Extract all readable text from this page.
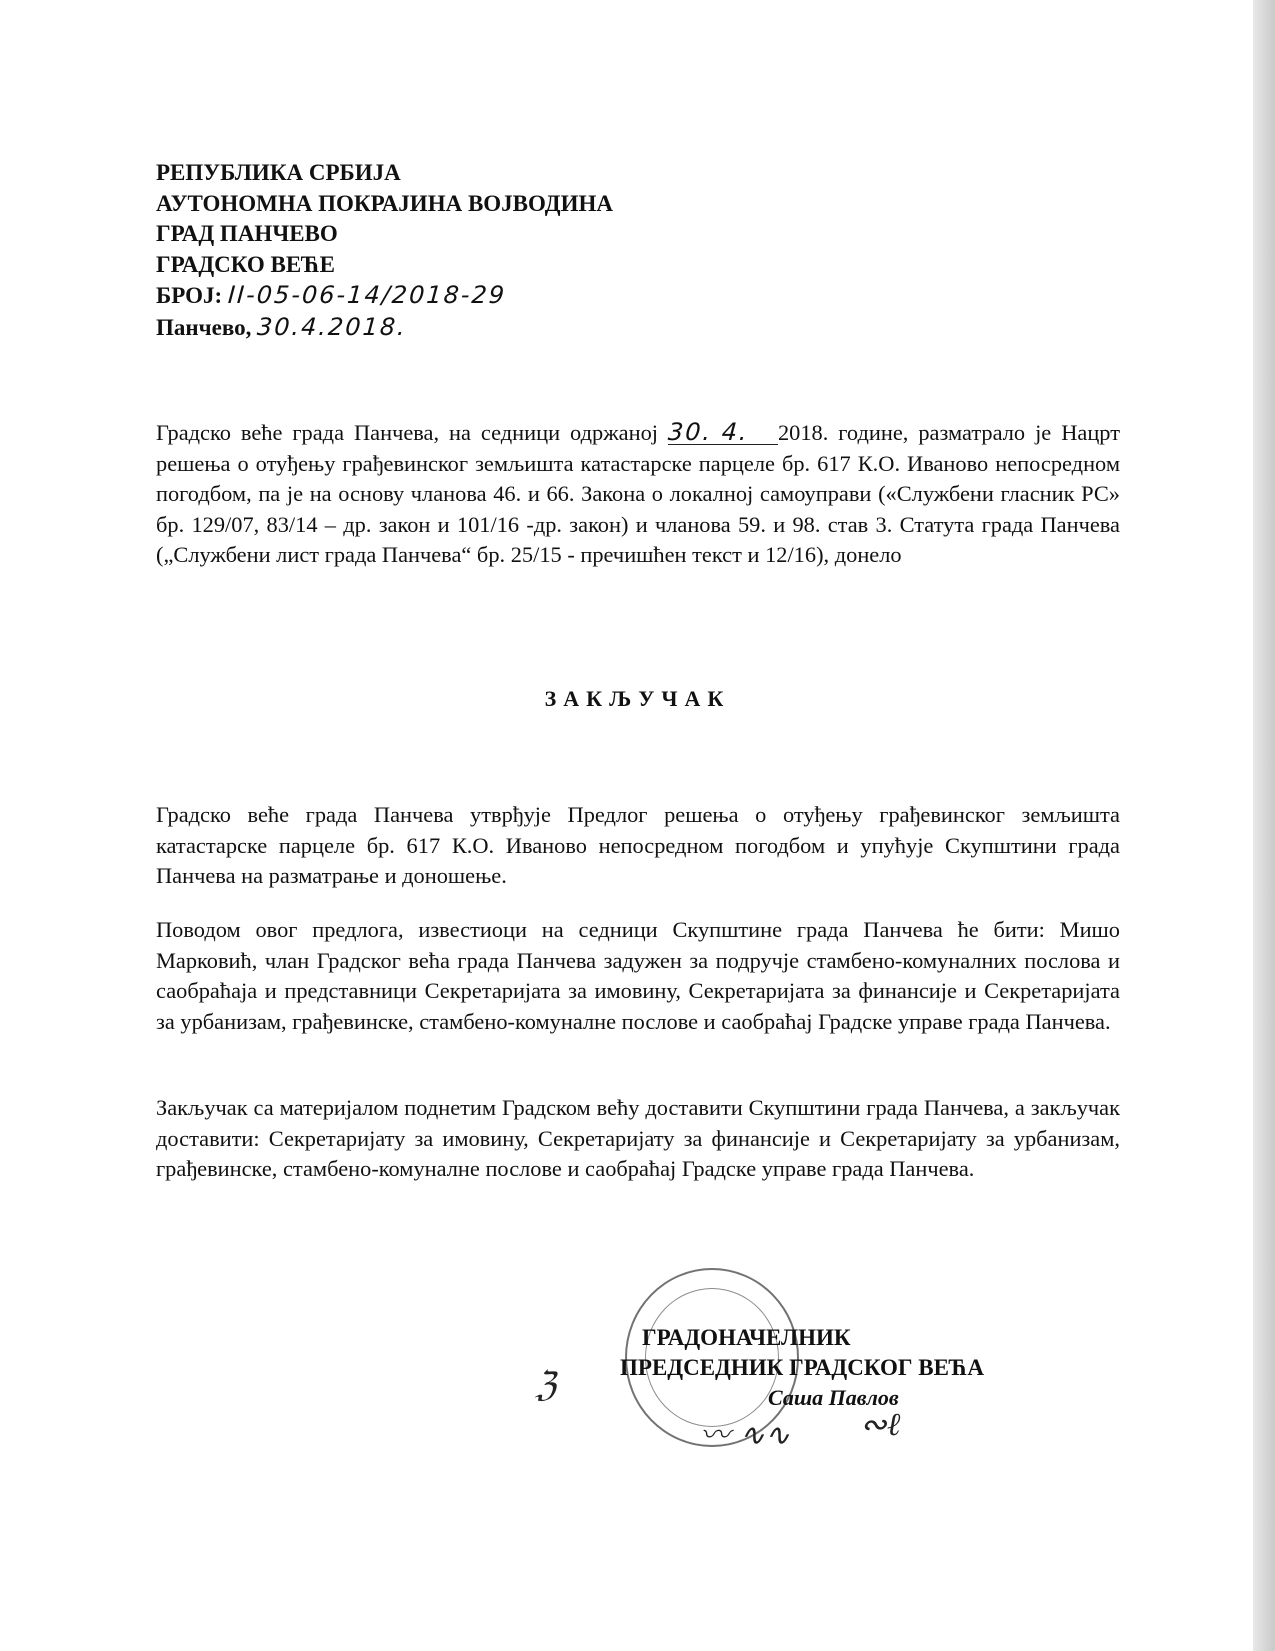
РЕПУБЛИКА СРБИЈА
АУТОНОМНА ПОКРАЈИНА ВОЈВОДИНА
ГРАД ПАНЧЕВО
ГРАДСКО ВЕЋЕ
БРОЈ: II-05-06-14/2018-29
Панчево, 30.4.2018.
Градско веће града Панчева, на седници одржаној 30. 4. 2018. године, разматрало је Нацрт решења о отуђењу грађевинског земљишта катастарске парцеле бр. 617 К.О. Иваново непосредном погодбом, па је на основу чланова 46. и 66. Закона о локалној самоуправи («Службени гласник РС» бр. 129/07, 83/14 – др. закон и 101/16 -др. закон) и чланова 59. и 98. став 3. Статута града Панчева („Службени лист града Панчева“ бр. 25/15 - пречишћен текст и 12/16), донело
ЗАКЉУЧАК
Градско веће града Панчева утврђује Предлог решења о отуђењу грађевинског земљишта катастарске парцеле бр. 617 К.О. Иваново непосредном погодбом и упућује Скупштини града Панчева на разматрање и доношење.
Поводом овог предлога, известиоци на седници Скупштине града Панчева ће бити: Мишо Марковић, члан Градског већа града Панчева задужен за подручје стамбено-комуналних послова и саобраћаја и представници Секретаријата за имовину, Секретаријата за финансије и Секретаријата за урбанизам, грађевинске, стамбено-комуналне послове и саобраћај Градске управе града Панчева.
Закључак са материјалом поднетим Градском већу доставити Скупштини града Панчева, а закључак доставити: Секретаријату за имовину, Секретаријату за финансије и Секретаријату за урбанизам, грађевинске, стамбено-комуналне послове и саобраћај Градске управе града Панчева.
ГРАДОНАЧЕЛНИК
ПРЕДСЕДНИК ГРАДСКОГ ВЕЋА
Саша Павлов
ℨ
〰 ∿∿ ∾ℓ
